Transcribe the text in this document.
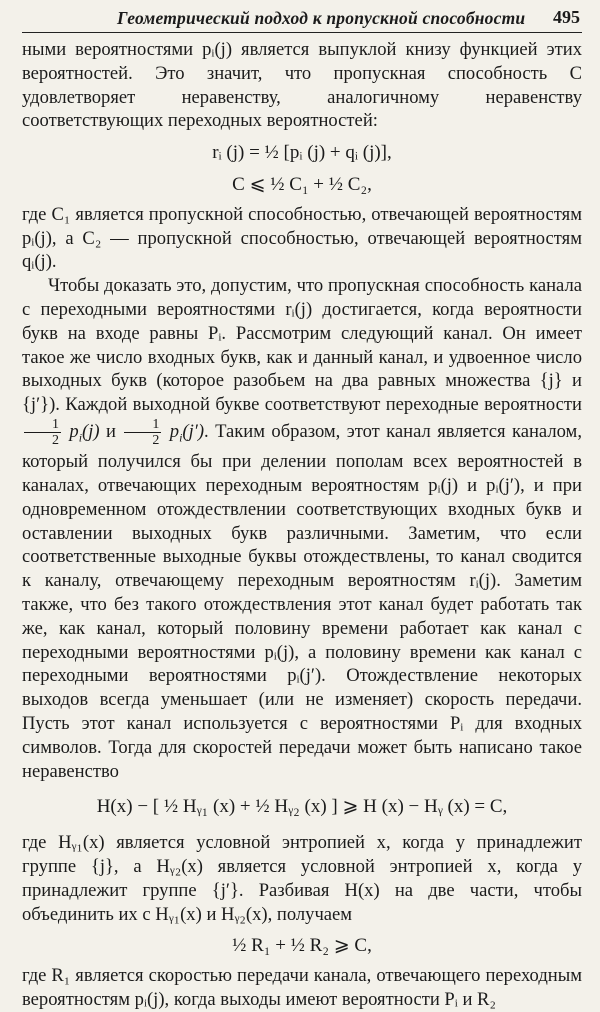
Геометрический подход к пропускной способности 495

ными вероятностями pᵢ(j) является выпуклой книзу функцией этих вероятностей. Это значит, что пропускная способность C удовлетворяет неравенству, аналогичному неравенству соответствующих переходных вероятностей:

rᵢ (j) = ½ [pᵢ (j) + qᵢ (j)],
C ⩽ ½ C₁ + ½ C₂,

где C₁ является пропускной способностью, отвечающей вероятностям pᵢ(j), а C₂ — пропускной способностью, отвечающей вероятностям qᵢ(j).

Чтобы доказать это, допустим, что пропускная способность канала с переходными вероятностями rᵢ(j) достигается, когда вероятности букв на входе равны Pᵢ. Рассмотрим следующий канал. Он имеет такое же число входных букв, как и данный канал, и удвоенное число выходных букв (которое разобьем на два равных множества {j} и {j′}). Каждой выходной букве соответствуют переходные вероятности
$\frac{1}{2} p_i(j)$ и $\frac{1}{2} p_i(j')$. Таким образом, этот канал является каналом, который получился бы при делении пополам всех вероятностей в каналах, отвечающих переходным вероятностям pᵢ(j) и pᵢ(j′), и при одновременном отождествлении соответствующих входных букв и оставлении выходных букв различными. Заметим, что если соответственные выходные буквы отождествлены, то канал сводится к каналу, отвечающему переходным вероятностям rᵢ(j). Заметим также, что без такого отождествления этот канал будет работать так же, как канал, который половину времени работает как канал с переходными вероятностями pᵢ(j), а половину времени как канал с переходными вероятностями pᵢ(j′). Отождествление некоторых выходов всегда уменьшает (или не изменяет) скорость передачи. Пусть этот канал используется с вероятностями Pᵢ для входных символов. Тогда для скоростей передачи может быть написано такое неравенство

H(x) − [ ½ Hᵧ₁ (x) + ½ Hᵧ₂ (x) ] ⩾ H (x) − Hᵧ (x) = C,

где Hᵧ₁(x) является условной энтропией x, когда y принадлежит группе {j}, а Hᵧ₂(x) является условной энтропией x, когда y принадлежит группе {j′}. Разбивая H(x) на две части, чтобы объединить их с Hᵧ₁(x) и Hᵧ₂(x), получаем

½ R₁ + ½ R₂ ⩾ C,

где R₁ является скоростью передачи канала, отвечающего переходным вероятностям pᵢ(j), когда выходы имеют вероятности Pᵢ и R₂
